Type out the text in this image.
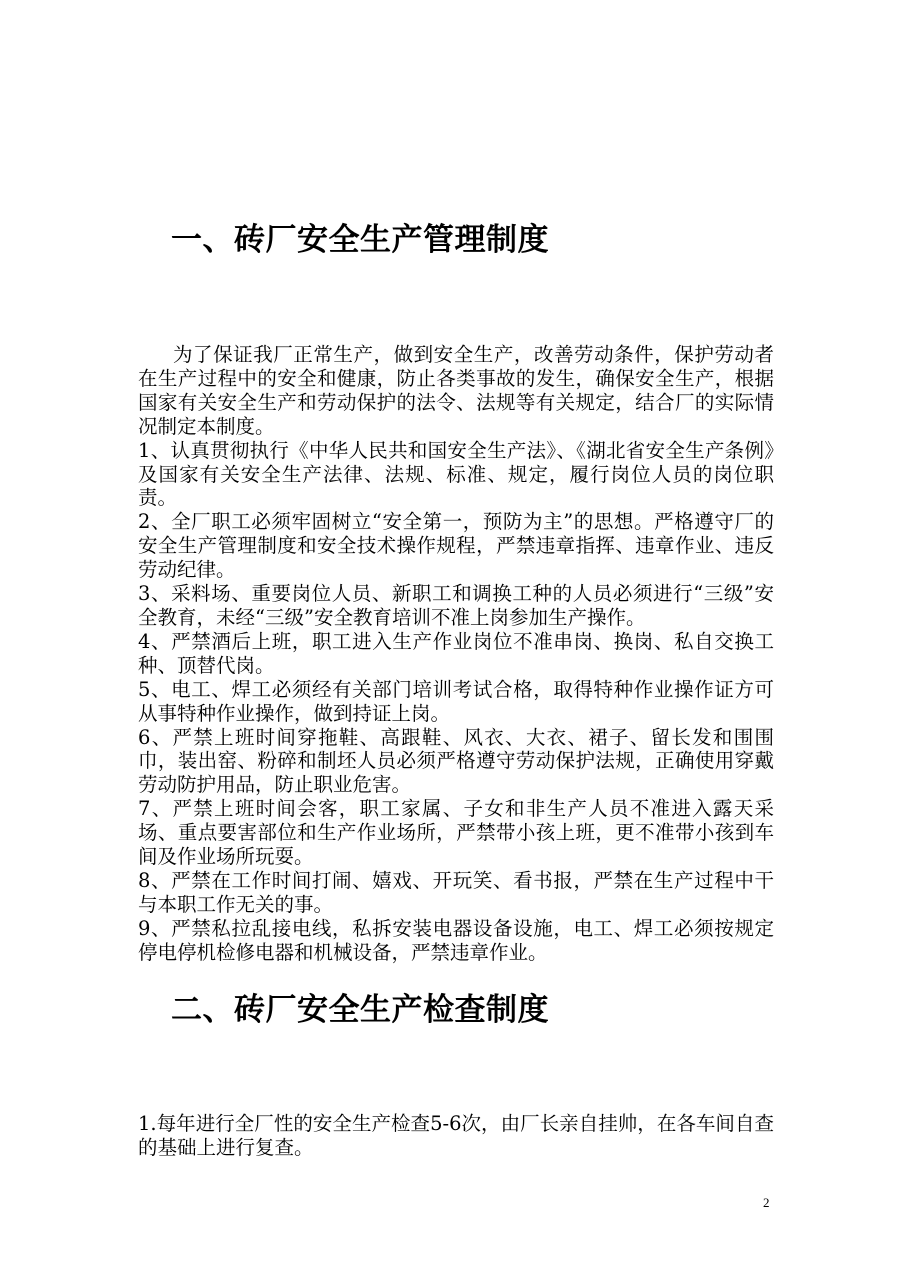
一、砖厂安全生产管理制度

为了保证我厂正常生产，做到安全生产，改善劳动条件，保护劳动者在生产过程中的安全和健康，防止各类事故的发生，确保安全生产，根据国家有关安全生产和劳动保护的法令、法规等有关规定，结合厂的实际情况制定本制度。

1、认真贯彻执行《中华人民共和国安全生产法》、《湖北省安全生产条例》及国家有关安全生产法律、法规、标准、规定，履行岗位人员的岗位职责。

2、全厂职工必须牢固树立“安全第一，预防为主”的思想。严格遵守厂的安全生产管理制度和安全技术操作规程，严禁违章指挥、违章作业、违反劳动纪律。

3、采料场、重要岗位人员、新职工和调换工种的人员必须进行“三级”安全教育，未经“三级”安全教育培训不准上岗参加生产操作。

4、严禁酒后上班，职工进入生产作业岗位不准串岗、换岗、私自交换工种、顶替代岗。

5、电工、焊工必须经有关部门培训考试合格，取得特种作业操作证方可从事特种作业操作，做到持证上岗。

6、严禁上班时间穿拖鞋、高跟鞋、风衣、大衣、裙子、留长发和围围巾，装出窑、粉碎和制坯人员必须严格遵守劳动保护法规，正确使用穿戴劳动防护用品，防止职业危害。

7、严禁上班时间会客，职工家属、子女和非生产人员不准进入露天采场、重点要害部位和生产作业场所，严禁带小孩上班，更不准带小孩到车间及作业场所玩耍。

8、严禁在工作时间打闹、嬉戏、开玩笑、看书报，严禁在生产过程中干与本职工作无关的事。

9、严禁私拉乱接电线，私拆安装电器设备设施，电工、焊工必须按规定停电停机检修电器和机械设备，严禁违章作业。

二、砖厂安全生产检查制度

1.每年进行全厂性的安全生产检查5-6次，由厂长亲自挂帅，在各车间自查的基础上进行复查。

2
